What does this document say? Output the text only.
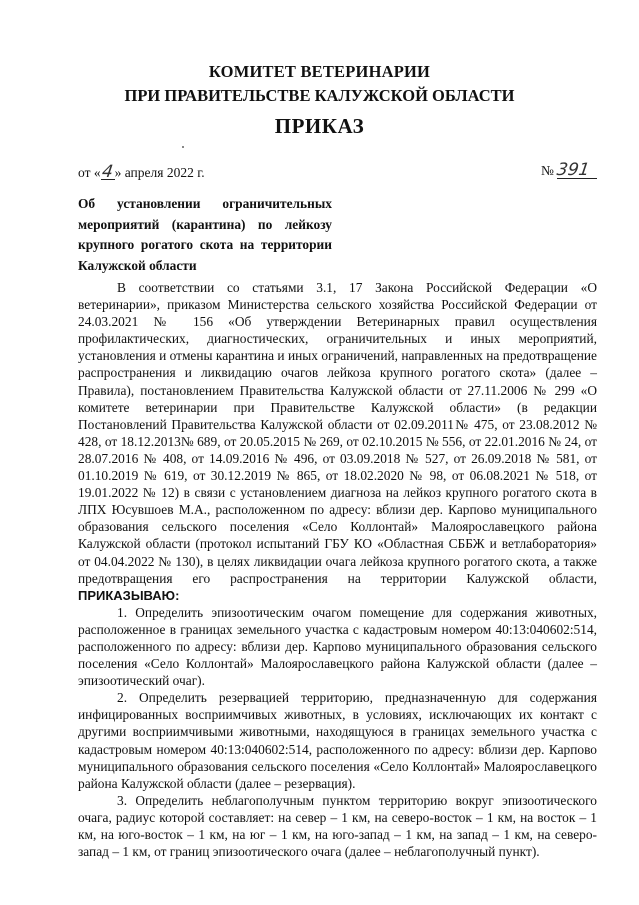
КОМИТЕТ ВЕТЕРИНАРИИ
ПРИ ПРАВИТЕЛЬСТВЕ КАЛУЖСКОЙ ОБЛАСТИ
ПРИКАЗ
от «4» апреля 2022 г.	№ 391
Об установлении ограничительных мероприятий (карантина) по лейкозу крупного рогатого скота на территории Калужской области

В соответствии со статьями 3.1, 17 Закона Российской Федерации «О ветеринарии», приказом Министерства сельского хозяйства Российской Федерации от 24.03.2021 № 156 «Об утверждении Ветеринарных правил осуществления профилактических, диагностических, ограничительных и иных мероприятий, установления и отмены карантина и иных ограничений, направленных на предотвращение распространения и ликвидацию очагов лейкоза крупного рогатого скота» (далее – Правила), постановлением Правительства Калужской области от 27.11.2006 № 299 «О комитете ветеринарии при Правительстве Калужской области» (в редакции Постановлений Правительства Калужской области от 02.09.2011№ 475, от 23.08.2012 № 428, от 18.12.2013№ 689, от 20.05.2015 № 269, от 02.10.2015 № 556, от 22.01.2016 № 24, от 28.07.2016 № 408, от 14.09.2016 № 496, от 03.09.2018 № 527, от 26.09.2018 № 581, от 01.10.2019 № 619, от 30.12.2019 № 865, от 18.02.2020 № 98, от 06.08.2021 № 518, от 19.01.2022 № 12) в связи с установлением диагноза на лейкоз крупного рогатого скота в ЛПХ Юсувшоев М.А., расположенном по адресу: вблизи дер. Карпово муниципального образования сельского поселения «Село Коллонтай» Малоярославецкого района Калужской области (протокол испытаний ГБУ КО «Областная СББЖ и ветлаборатория» от 04.04.2022 № 130), в целях ликвидации очага лейкоза крупного рогатого скота, а также предотвращения его распространения на территории Калужской области, ПРИКАЗЫВАЮ:

1. Определить эпизоотическим очагом помещение для содержания животных, расположенное в границах земельного участка с кадастровым номером 40:13:040602:514, расположенного по адресу: вблизи дер. Карпово муниципального образования сельского поселения «Село Коллонтай» Малоярославецкого района Калужской области (далее – эпизоотический очаг).

2. Определить резервацией территорию, предназначенную для содержания инфицированных восприимчивых животных, в условиях, исключающих их контакт с другими восприимчивыми животными, находящуюся в границах земельного участка с кадастровым номером 40:13:040602:514, расположенного по адресу: вблизи дер. Карпово муниципального образования сельского поселения «Село Коллонтай» Малоярославецкого района Калужской области (далее – резервация).

3. Определить неблагополучным пунктом территорию вокруг эпизоотического очага, радиус которой составляет: на север – 1 км, на северо-восток – 1 км, на восток – 1 км, на юго-восток – 1 км, на юг – 1 км, на юго-запад – 1 км, на запад – 1 км, на северо-запад – 1 км, от границ эпизоотического очага (далее – неблагополучный пункт).
